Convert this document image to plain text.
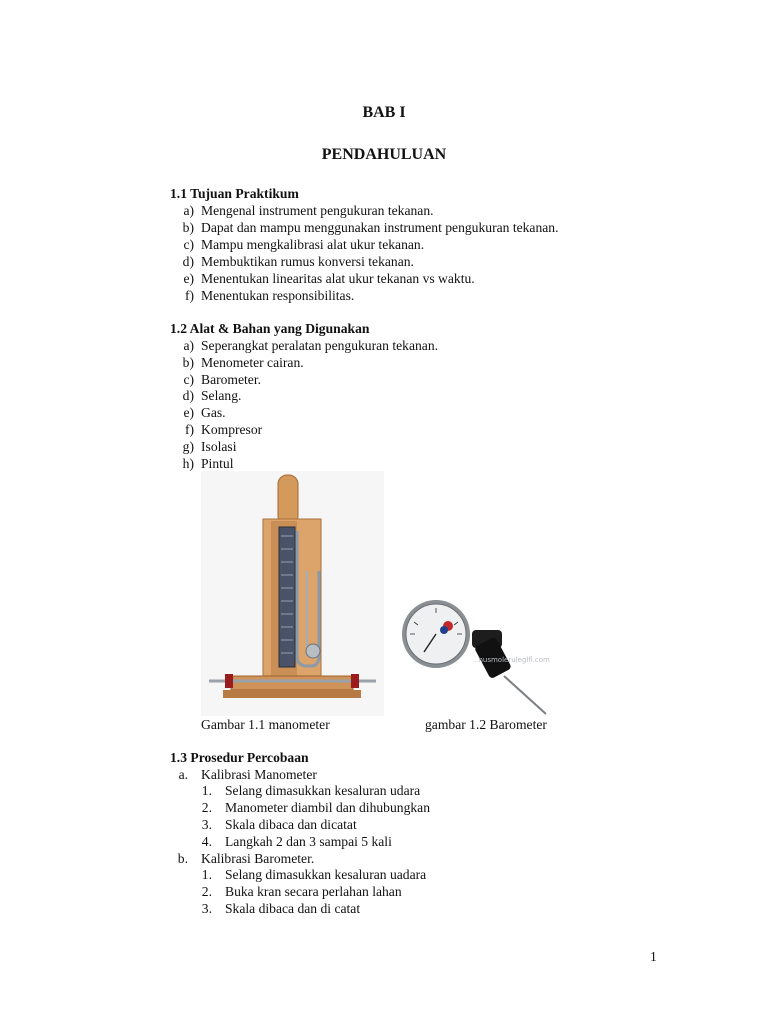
BAB I
PENDAHULUAN
1.1 Tujuan Praktikum
a) Mengenal instrument pengukuran tekanan.
b) Dapat dan mampu menggunakan instrument pengukuran tekanan.
c) Mampu mengkalibrasi alat ukur tekanan.
d) Membuktikan rumus konversi tekanan.
e) Menentukan linearitas alat ukur tekanan vs waktu.
f) Menentukan responsibilitas.
1.2 Alat & Bahan yang Digunakan
a) Seperangkat peralatan pengukuran tekanan.
b) Menometer cairan.
c) Barometer.
d) Selang.
e) Gas.
f) Kompresor
g) Isolasi
h) Pintul
..nusmoleruleglfl.com
Gambar 1.1 manometer	gambar 1.2 Barometer
1.3 Prosedur Percobaan
a. Kalibrasi Manometer
1. Selang dimasukkan kesaluran udara
2. Manometer diambil dan dihubungkan
3. Skala dibaca dan dicatat
4. Langkah 2 dan 3 sampai 5 kali
b. Kalibrasi Barometer.
1. Selang dimasukkan kesaluran uadara
2. Buka kran secara perlahan lahan
3. Skala dibaca dan di catat
1
